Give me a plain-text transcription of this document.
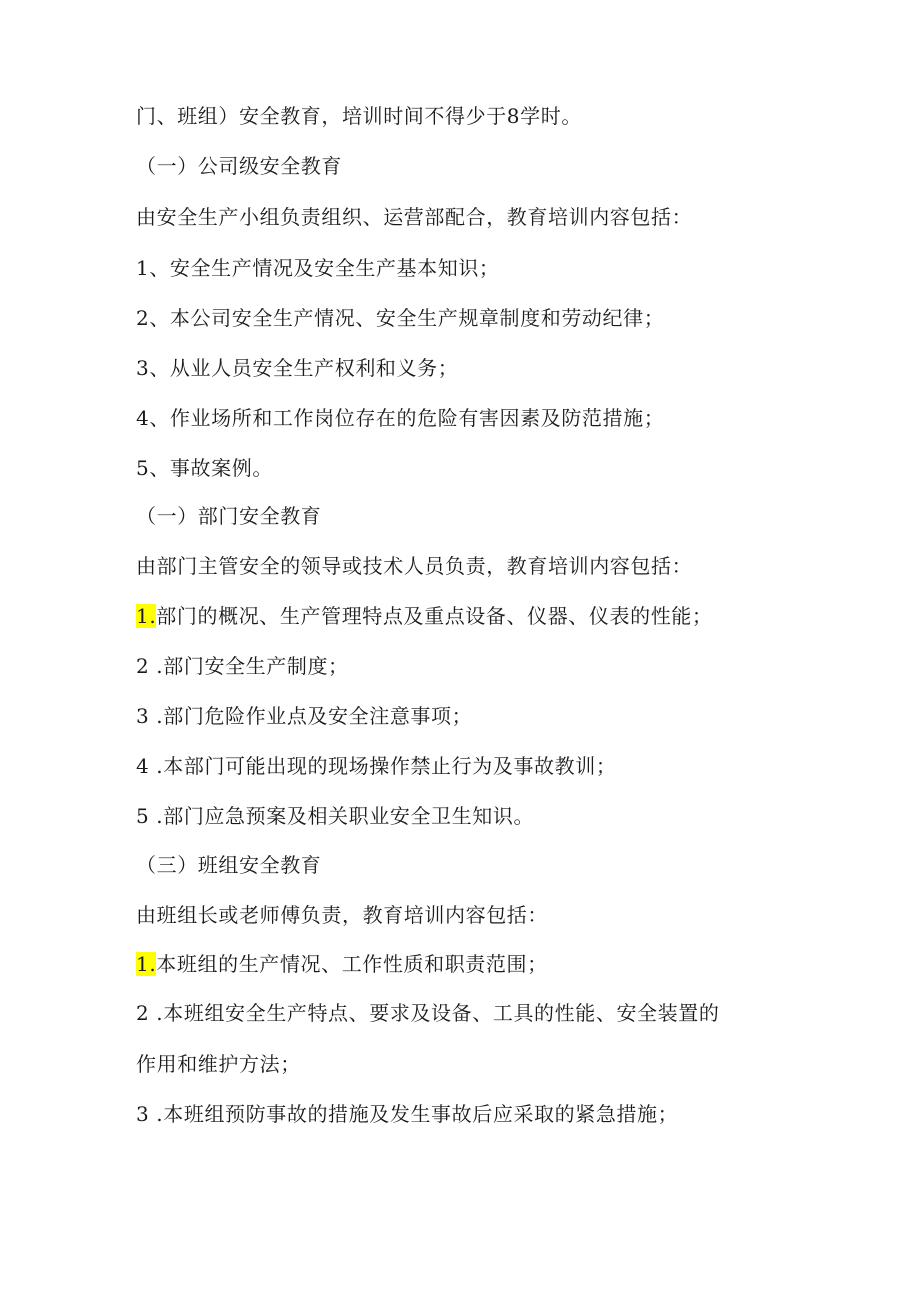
门、班组）安全教育，培训时间不得少于8学时。
（一）公司级安全教育
由安全生产小组负责组织、运营部配合，教育培训内容包括：
1、安全生产情况及安全生产基本知识；
2、本公司安全生产情况、安全生产规章制度和劳动纪律；
3、从业人员安全生产权利和义务；
4、作业场所和工作岗位存在的危险有害因素及防范措施；
5、事故案例。
（一）部门安全教育
由部门主管安全的领导或技术人员负责，教育培训内容包括：
1.部门的概况、生产管理特点及重点设备、仪器、仪表的性能；
2 .部门安全生产制度；
3 .部门危险作业点及安全注意事项；
4 .本部门可能出现的现场操作禁止行为及事故教训；
5 .部门应急预案及相关职业安全卫生知识。
（三）班组安全教育
由班组长或老师傅负责，教育培训内容包括：
1.本班组的生产情况、工作性质和职责范围；
2 .本班组安全生产特点、要求及设备、工具的性能、安全装置的
作用和维护方法；
3 .本班组预防事故的措施及发生事故后应采取的紧急措施；
